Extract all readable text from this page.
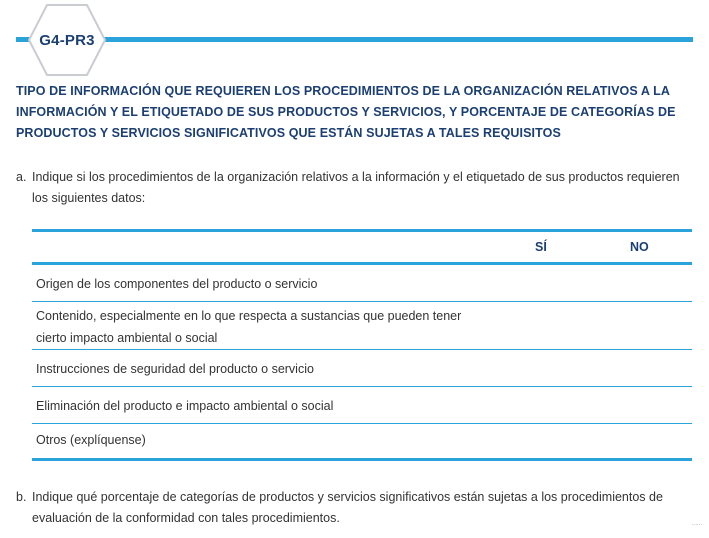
G4-PR3
TIPO DE INFORMACIÓN QUE REQUIEREN LOS PROCEDIMIENTOS DE LA ORGANIZACIÓN RELATIVOS A LA INFORMACIÓN Y EL ETIQUETADO DE SUS PRODUCTOS Y SERVICIOS, Y PORCENTAJE DE CATEGORÍAS DE PRODUCTOS Y SERVICIOS SIGNIFICATIVOS QUE ESTÁN SUJETAS A TALES REQUISITOS
a. Indique si los procedimientos de la organización relativos a la información y el etiquetado de sus productos requieren los siguientes datos:
SÍ	NO
Origen de los componentes del producto o servicio
Contenido, especialmente en lo que respecta a sustancias que pueden tener cierto impacto ambiental o social
Instrucciones de seguridad del producto o servicio
Eliminación del producto e impacto ambiental o social
Otros (explíquense)
b. Indique qué porcentaje de categorías de productos y servicios significativos están sujetas a los procedimientos de evaluación de la conformidad con tales procedimientos.	......
